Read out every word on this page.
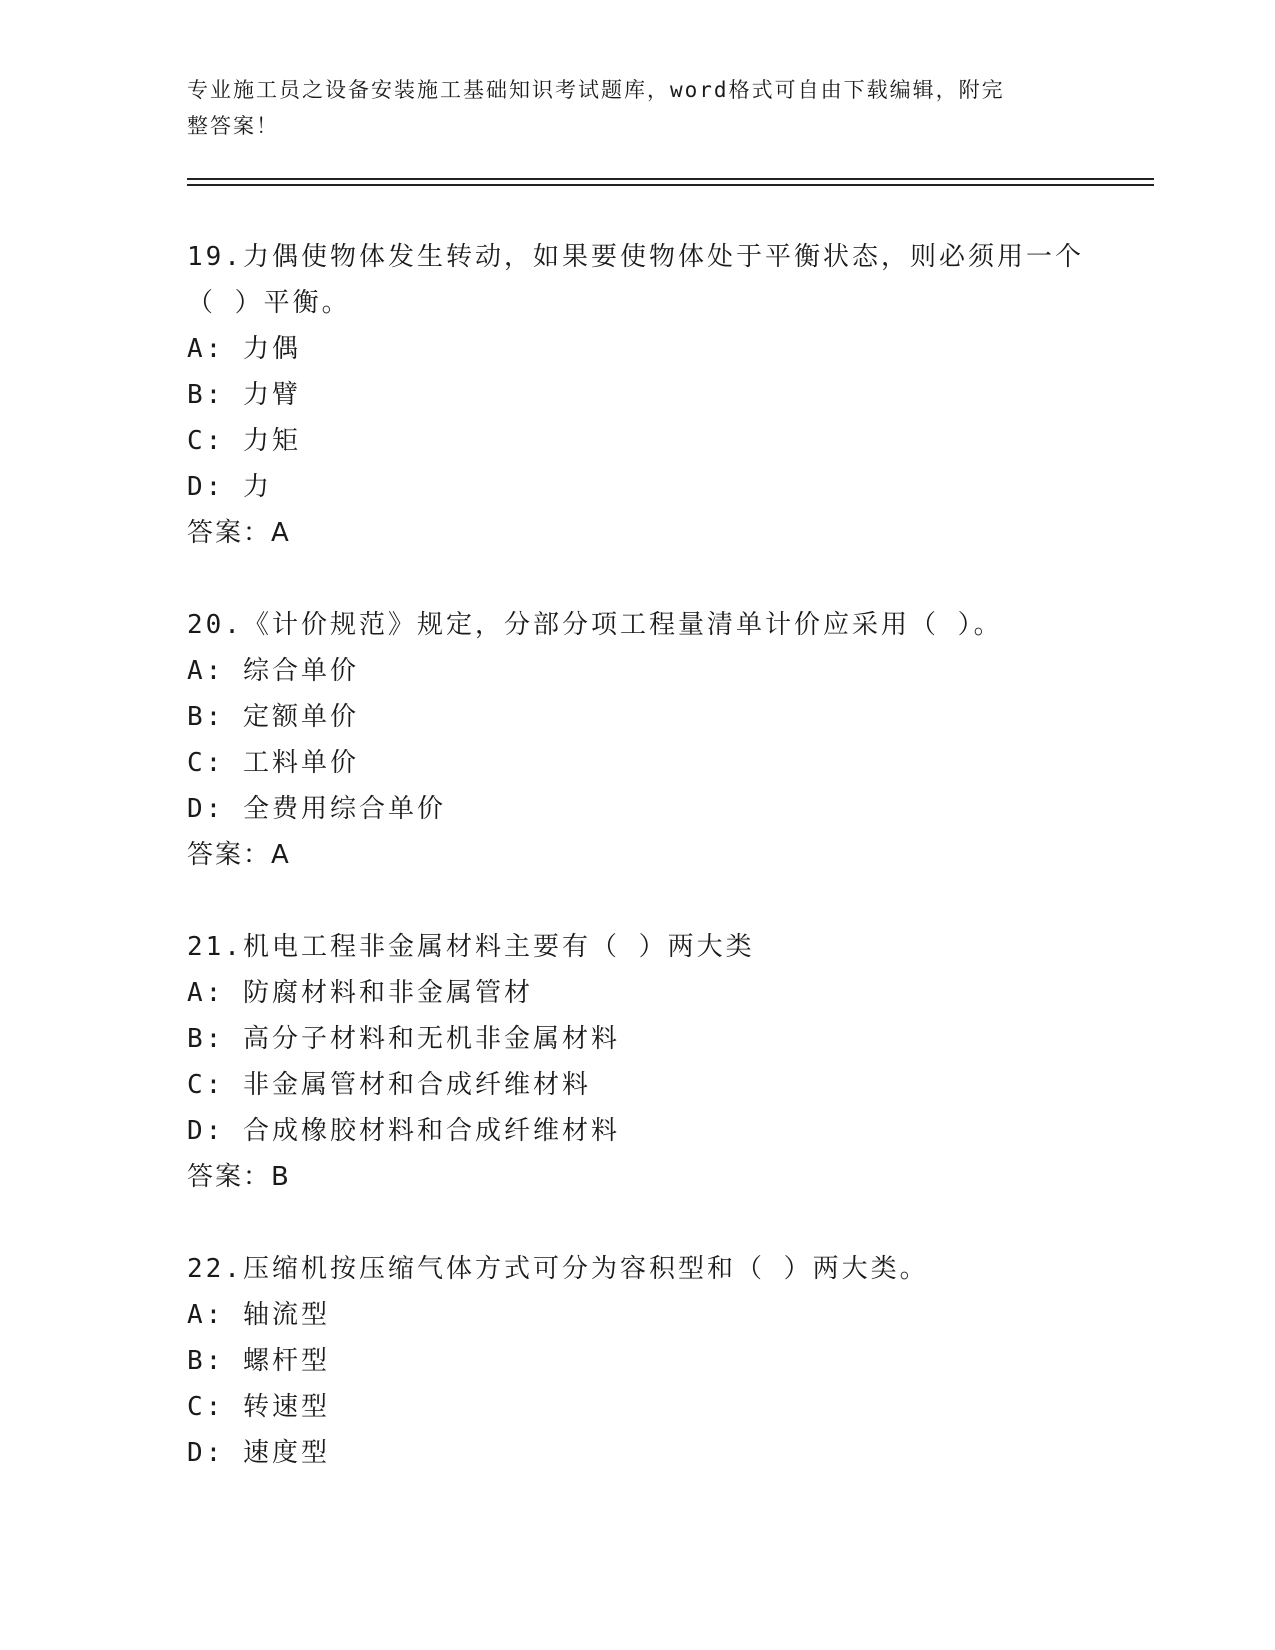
专业施工员之设备安装施工基础知识考试题库，word格式可自由下载编辑，附完
整答案！
19.力偶使物体发生转动，如果要使物体处于平衡状态，则必须用一个（ ）平衡。
A: 力偶
B: 力臂
C: 力矩
D: 力
答案：A
20.《计价规范》规定，分部分项工程量清单计价应采用（ ）。
A: 综合单价
B: 定额单价
C: 工料单价
D: 全费用综合单价
答案：A
21.机电工程非金属材料主要有（ ）两大类
A: 防腐材料和非金属管材
B: 高分子材料和无机非金属材料
C: 非金属管材和合成纤维材料
D: 合成橡胶材料和合成纤维材料
答案：B
22.压缩机按压缩气体方式可分为容积型和（ ）两大类。
A: 轴流型
B: 螺杆型
C: 转速型
D: 速度型
